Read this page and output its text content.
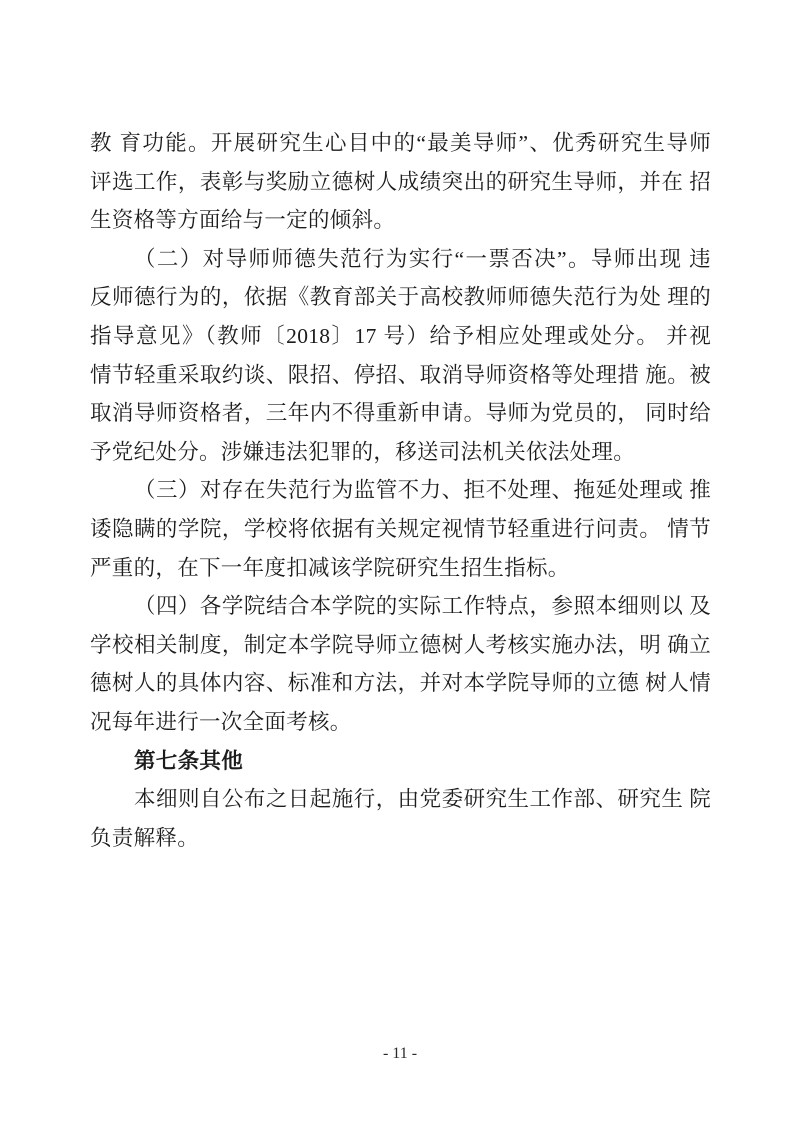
教 育功能。开展研究生心目中的“最美导师”、优秀研究生导师
评选工作，表彰与奖励立德树人成绩突出的研究生导师，并在 招
生资格等方面给与一定的倾斜。
（二）对导师师德失范行为实行“一票否决”。导师出现 违
反师德行为的，依据《教育部关于高校教师师德失范行为处 理的
指导意见》（教师〔2018〕17 号）给予相应处理或处分。 并视
情节轻重采取约谈、限招、停招、取消导师资格等处理措 施。被
取消导师资格者，三年内不得重新申请。导师为党员的， 同时给
予党纪处分。涉嫌违法犯罪的，移送司法机关依法处理。
（三）对存在失范行为监管不力、拒不处理、拖延处理或 推
诿隐瞒的学院，学校将依据有关规定视情节轻重进行问责。 情节
严重的，在下一年度扣减该学院研究生招生指标。
（四）各学院结合本学院的实际工作特点，参照本细则以 及
学校相关制度，制定本学院导师立德树人考核实施办法，明 确立
德树人的具体内容、标准和方法，并对本学院导师的立德 树人情
况每年进行一次全面考核。
第七条其他
本细则自公布之日起施行，由党委研究生工作部、研究生 院
负责解释。
- 11 -
